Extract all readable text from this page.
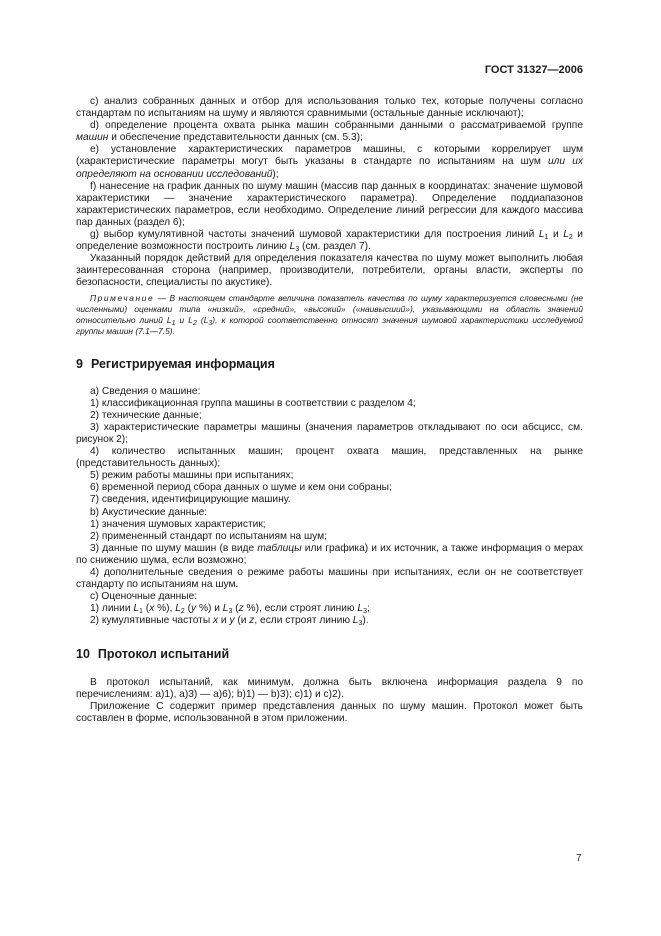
ГОСТ 31327—2006

с) анализ собранных данных и отбор для использования только тех, которые получены согласно стандартам по испытаниям на шуму и являются сравнимыми (остальные данные исключают);

d) определение процента охвата рынка машин собранными данными о рассматриваемой группе машин и обеспечение представительности данных (см. 5.3);

е) установление характеристических параметров машины, с которыми коррелирует шум (характеристические параметры могут быть указаны в стандарте по испытаниям на шум или их определяют на основании исследований);

f) нанесение на график данных по шуму машин (массив пар данных в координатах: значение шумовой характеристики — значение характеристического параметра). Определение поддиапазонов характеристических параметров, если необходимо. Определение линий регрессии для каждого массива пар данных (раздел 6);

g) выбор кумулятивной частоты значений шумовой характеристики для построения линий $L_1$ и $L_2$ и определение возможности построить линию $L_3$ (см. раздел 7).

Указанный порядок действий для определения показателя качества по шуму может выполнить любая заинтересованная сторона (например, производители, потребители, органы власти, эксперты по безопасности, специалисты по акустике).

Примечание — В настоящем стандарте величина показатель качества по шуму характеризуется словесными (не численными) оценками типа «низкий», «средний», «высокий» («наивысший»), указывающими на область значений относительно линий $L_1$ и $L_2$ $(L_3)$, к которой соответственно относят значения шумовой характеристики исследуемой группы машин (7.1—7.5).

9 Регистрируемая информация

а) Сведения о машине:

1) классификационная группа машины в соответствии с разделом 4;

2) технические данные;

3) характеристические параметры машины (значения параметров откладывают по оси абсцисс, см. рисунок 2);

4) количество испытанных машин; процент охвата машин, представленных на рынке (представительность данных);

5) режим работы машины при испытаниях;

6) временной период сбора данных о шуме и кем они собраны;

7) сведения, идентифицирующие машину.

b) Акустические данные:

1) значения шумовых характеристик;

2) примененный стандарт по испытаниям на шум;

3) данные по шуму машин (в виде таблицы или графика) и их источник, а также информация о мерах по снижению шума, если возможно;

4) дополнительные сведения о режиме работы машины при испытаниях, если он не соответствует стандарту по испытаниям на шум.

с) Оценочные данные:

1) линии $L_1$ (x %), $L_2$ (y %) и $L_3$ (z %), если строят линию $L_3$;

2) кумулятивные частоты x и y (и z, если строят линию $L_3$).

10 Протокол испытаний

В протокол испытаний, как минимум, должна быть включена информация раздела 9 по перечислениям: а)1), а)3) — а)6); b)1) — b)3); с)1) и с)2).

Приложение С содержит пример представления данных по шуму машин. Протокол может быть составлен в форме, использованной в этом приложении.

7
